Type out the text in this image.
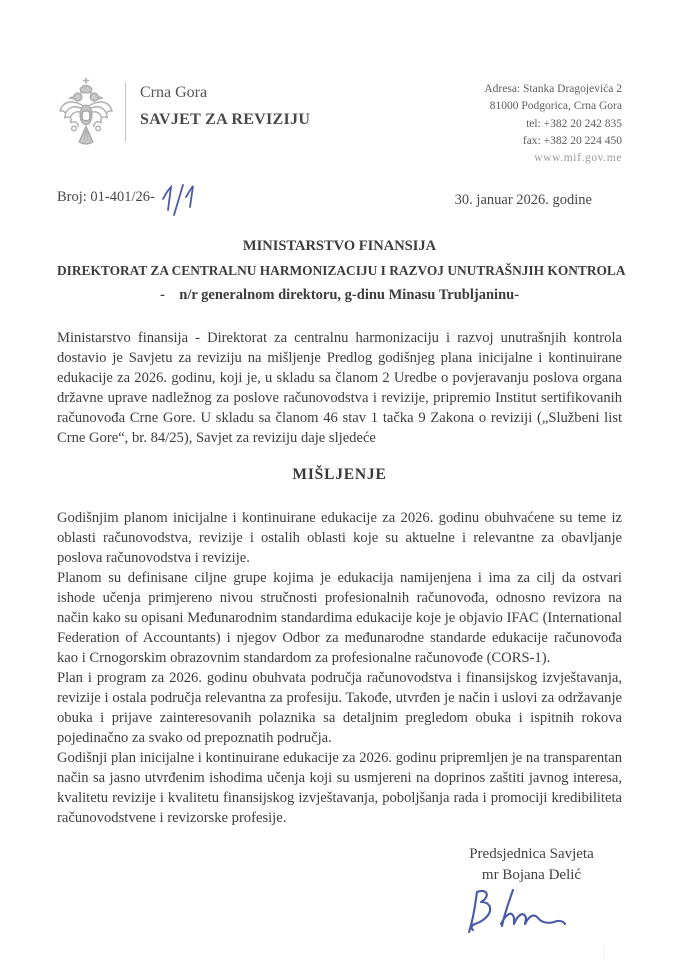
Crna Gora
SAVJET ZA REVIZIJU
Adresa: Stanka Dragojevića 2
81000 Podgorica, Crna Gora
tel: +382 20 242 835
fax: +382 20 224 450
www.mif.gov.me
Broj: 01-401/26-	30. januar 2026. godine
MINISTARSTVO FINANSIJA
DIREKTORAT ZA CENTRALNU HARMONIZACIJU I RAZVOJ UNUTRAŠNJIH KONTROLA
-  n/r generalnom direktoru, g-dinu Minasu Trubljaninu-

Ministarstvo finansija - Direktorat za centralnu harmonizaciju i razvoj unutrašnjih kontrola dostavio je Savjetu za reviziju na mišljenje Predlog godišnjeg plana inicijalne i kontinuirane edukacije za 2026. godinu, koji je, u skladu sa članom 2 Uredbe o povjeravanju poslova organa državne uprave nadležnog za poslove računovodstva i revizije, pripremio Institut sertifikovanih računovođa Crne Gore. U skladu sa članom 46 stav 1 tačka 9 Zakona o reviziji („Službeni list Crne Gore“, br. 84/25), Savjet za reviziju daje sljedeće

MIŠLJENJE

Godišnjim planom inicijalne i kontinuirane edukacije za 2026. godinu obuhvaćene su teme iz oblasti računovodstva, revizije i ostalih oblasti koje su aktuelne i relevantne za obavljanje poslova računovodstva i revizije.

Planom su definisane ciljne grupe kojima je edukacija namijenjena i ima za cilj da ostvari ishode učenja primjereno nivou stručnosti profesionalnih računovođa, odnosno revizora na način kako su opisani Međunarodnim standardima edukacije koje je objavio IFAC (International Federation of Accountants) i njegov Odbor za međunarodne standarde edukacije računovođa kao i Crnogorskim obrazovnim standardom za profesionalne računovođe (CORS-1).

Plan i program za 2026. godinu obuhvata područja računovodstva i finansijskog izvještavanja, revizije i ostala područja relevantna za profesiju. Takođe, utvrđen je način i uslovi za održavanje obuka i prijave zainteresovanih polaznika sa detaljnim pregledom obuka i ispitnih rokova pojedinačno za svako od prepoznatih područja.

Godišnji plan inicijalne i kontinuirane edukacije za 2026. godinu pripremljen je na transparentan način sa jasno utvrđenim ishodima učenja koji su usmjereni na doprinos zaštiti javnog interesa, kvalitetu revizije i kvalitetu finansijskog izvještavanja, poboljšanja rada i promociji kredibiliteta računovodstvene i revizorske profesije.

Predsjednica Savjeta
mr Bojana Delić
